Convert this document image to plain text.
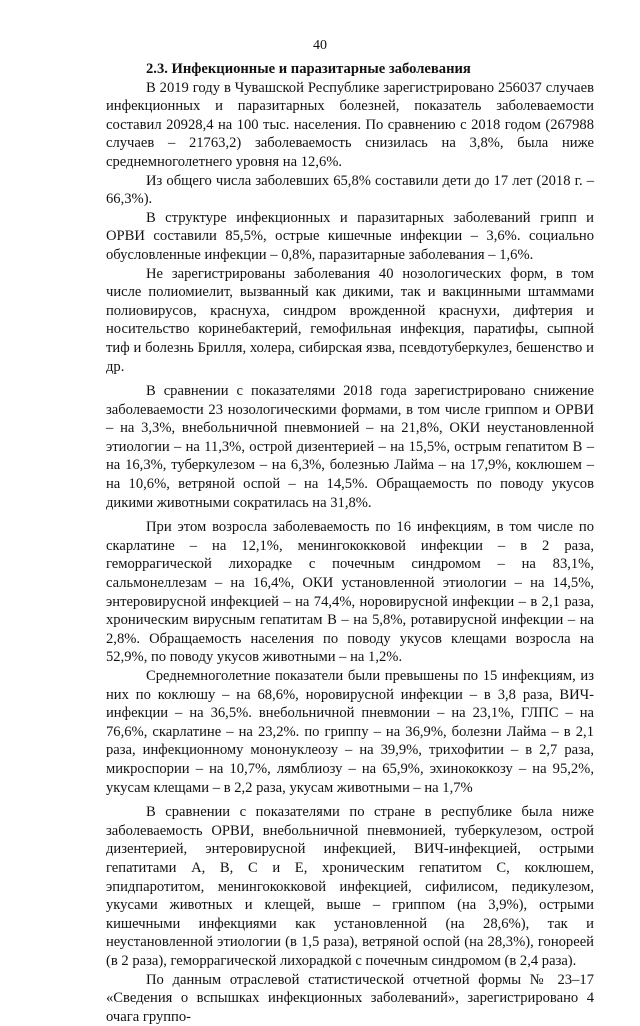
40

2.3. Инфекционные и паразитарные заболевания

В 2019 году в Чувашской Республике зарегистрировано 256037 случаев инфекционных и паразитарных болезней, показатель заболеваемости составил 20928,4 на 100 тыс. населения. По сравнению с 2018 годом (267988 случаев – 21763,2) заболеваемость снизилась на 3,8%, была ниже среднемноголетнего уровня на 12,6%.

Из общего числа заболевших 65,8% составили дети до 17 лет (2018 г. – 66,3%).

В структуре инфекционных и паразитарных заболеваний грипп и ОРВИ составили 85,5%, острые кишечные инфекции – 3,6%. социально обусловленные инфекции – 0,8%, паразитарные заболевания – 1,6%.

Не зарегистрированы заболевания 40 нозологических форм, в том числе полиомиелит, вызванный как дикими, так и вакцинными штаммами полиовирусов, краснуха, синдром врожденной краснухи, дифтерия и носительство коринебактерий, гемофильная инфекция, паратифы, сыпной тиф и болезнь Брилля, холера, сибирская язва, псевдотуберкулез, бешенство и др.

В сравнении с показателями 2018 года зарегистрировано снижение заболеваемости 23 нозологическими формами, в том числе гриппом и ОРВИ – на 3,3%, внебольничной пневмонией – на 21,8%, ОКИ неустановленной этиологии – на 11,3%, острой дизентерией – на 15,5%, острым гепатитом В – на 16,3%, туберкулезом – на 6,3%, болезнью Лайма – на 17,9%, коклюшем – на 10,6%, ветряной оспой – на 14,5%. Обращаемость по поводу укусов дикими животными сократилась на 31,8%.

При этом возросла заболеваемость по 16 инфекциям, в том числе по скарлатине – на 12,1%, менингококковой инфекции – в 2 раза, геморрагической лихорадке с почечным синдромом – на 83,1%, сальмонеллезам – на 16,4%, ОКИ установленной этиологии – на 14,5%, энтеровирусной инфекцией – на 74,4%, норовирусной инфекции – в 2,1 раза, хроническим вирусным гепатитам В – на 5,8%, ротавирусной инфекции – на 2,8%. Обращаемость населения по поводу укусов клещами возросла на 52,9%, по поводу укусов животными – на 1,2%.

Среднемноголетние показатели были превышены по 15 инфекциям, из них по коклюшу – на 68,6%, норовирусной инфекции – в 3,8 раза, ВИЧ-инфекции – на 36,5%. внебольничной пневмонии – на 23,1%, ГЛПС – на 76,6%, скарлатине – на 23,2%. по гриппу – на 36,9%, болезни Лайма – в 2,1 раза, инфекционному мононуклеозу – на 39,9%, трихофитии – в 2,7 раза, микроспории – на 10,7%, лямблиозу – на 65,9%, эхинококкозу – на 95,2%, укусам клещами – в 2,2 раза, укусам животными – на 1,7%

В сравнении с показателями по стране в республике была ниже заболеваемость ОРВИ, внебольничной пневмонией, туберкулезом, острой дизентерией, энтеровирусной инфекцией, ВИЧ-инфекцией, острыми гепатитами А, В, С и Е, хроническим гепатитом С, коклюшем, эпидпаротитом, менингококковой инфекцией, сифилисом, педикулезом, укусами животных и клещей, выше – гриппом (на 3,9%), острыми кишечными инфекциями как установленной (на 28,6%), так и неустановленной этиологии (в 1,5 раза), ветряной оспой (на 28,3%), гонореей (в 2 раза), геморрагической лихорадкой с почечным синдромом (в 2,4 раза).

По данным отраслевой статистической отчетной формы № 23–17 «Сведения о вспышках инфекционных заболеваний», зарегистрировано 4 очага группо-
